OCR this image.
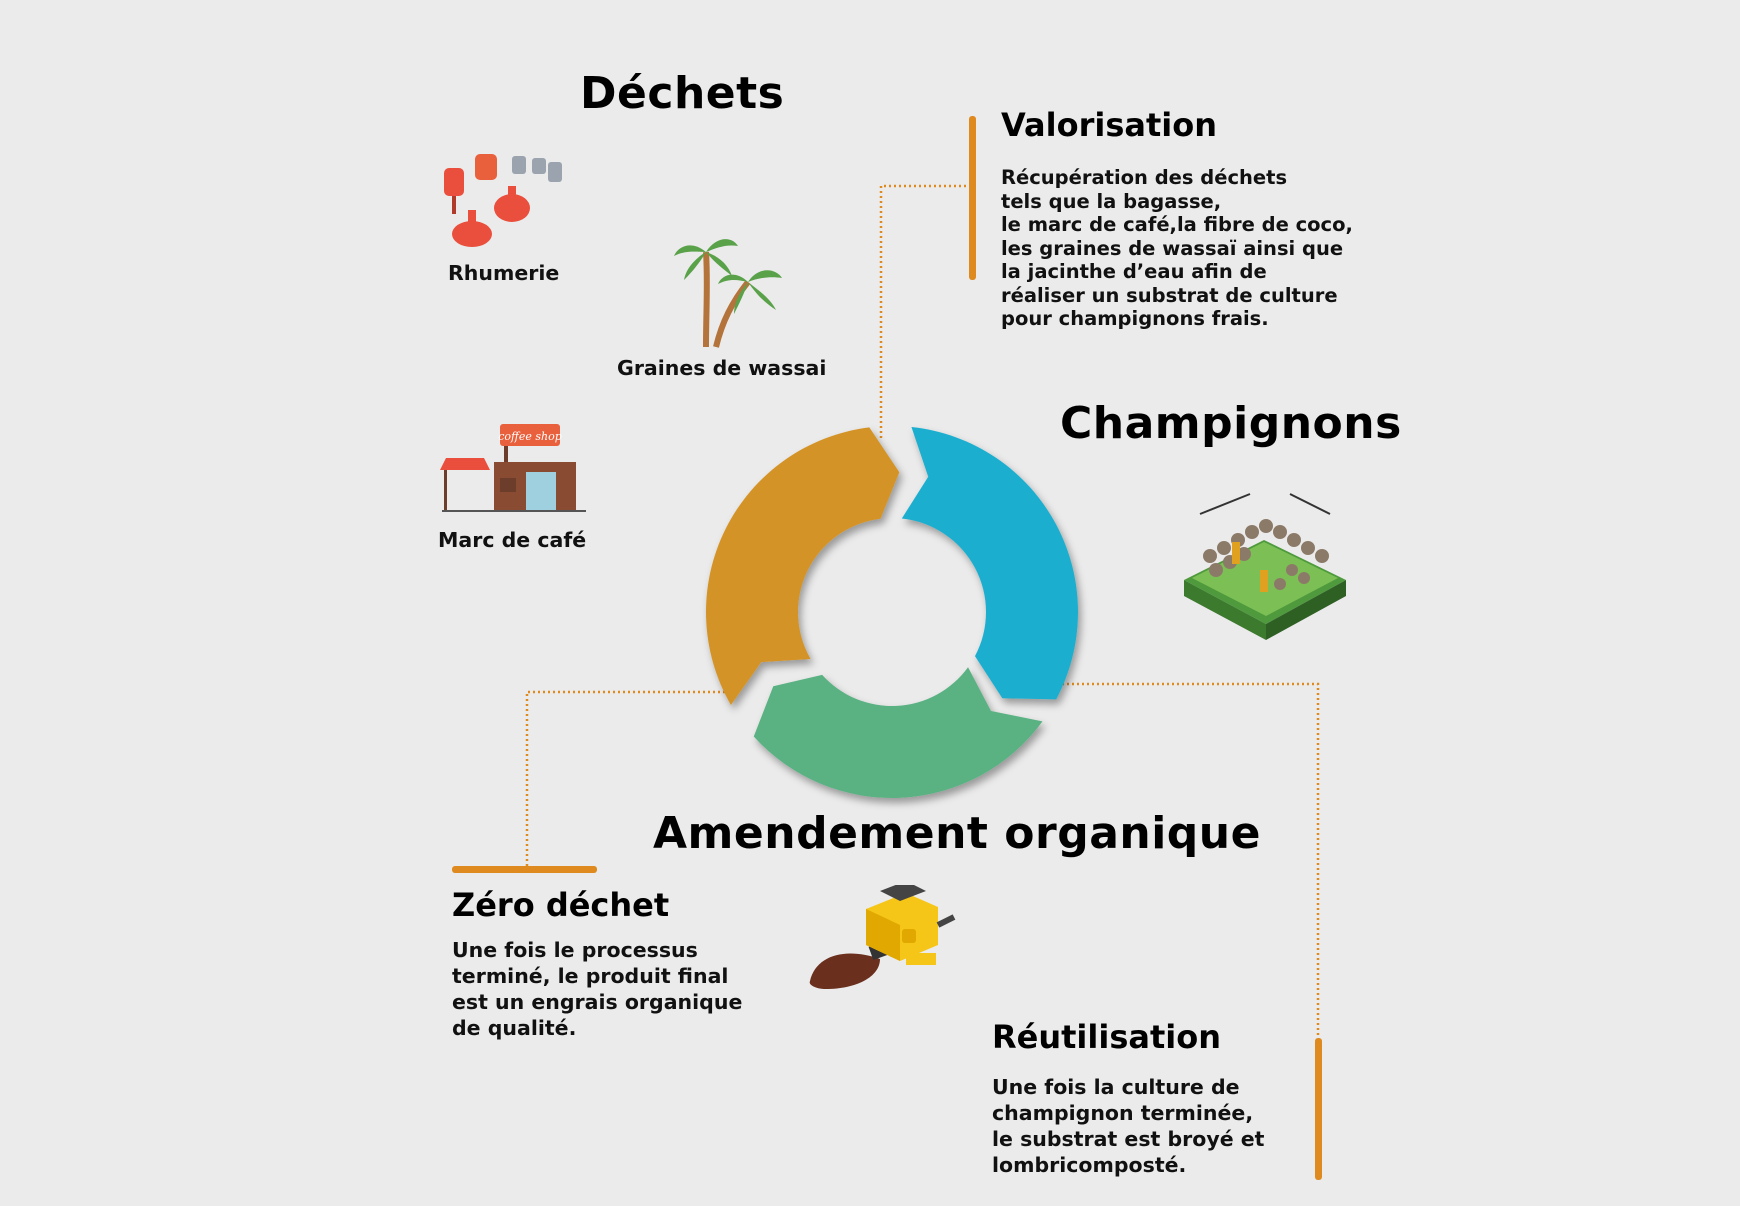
Déchets
Rhumerie
Graines de wassai
coffee shop
Marc de café
Valorisation
Récupération des déchets
tels que la bagasse,
le marc de café,la fibre de coco,
les graines de wassaï ainsi que
la jacinthe d’eau afin de
réaliser un substrat de culture
pour champignons frais.
Champignons
Amendement organique
Zéro déchet
Une fois le processus
terminé, le produit final
est un engrais organique
de qualité.	Réutilisation
Une fois la culture de
champignon terminée,
le substrat est broyé et
lombricomposté.
